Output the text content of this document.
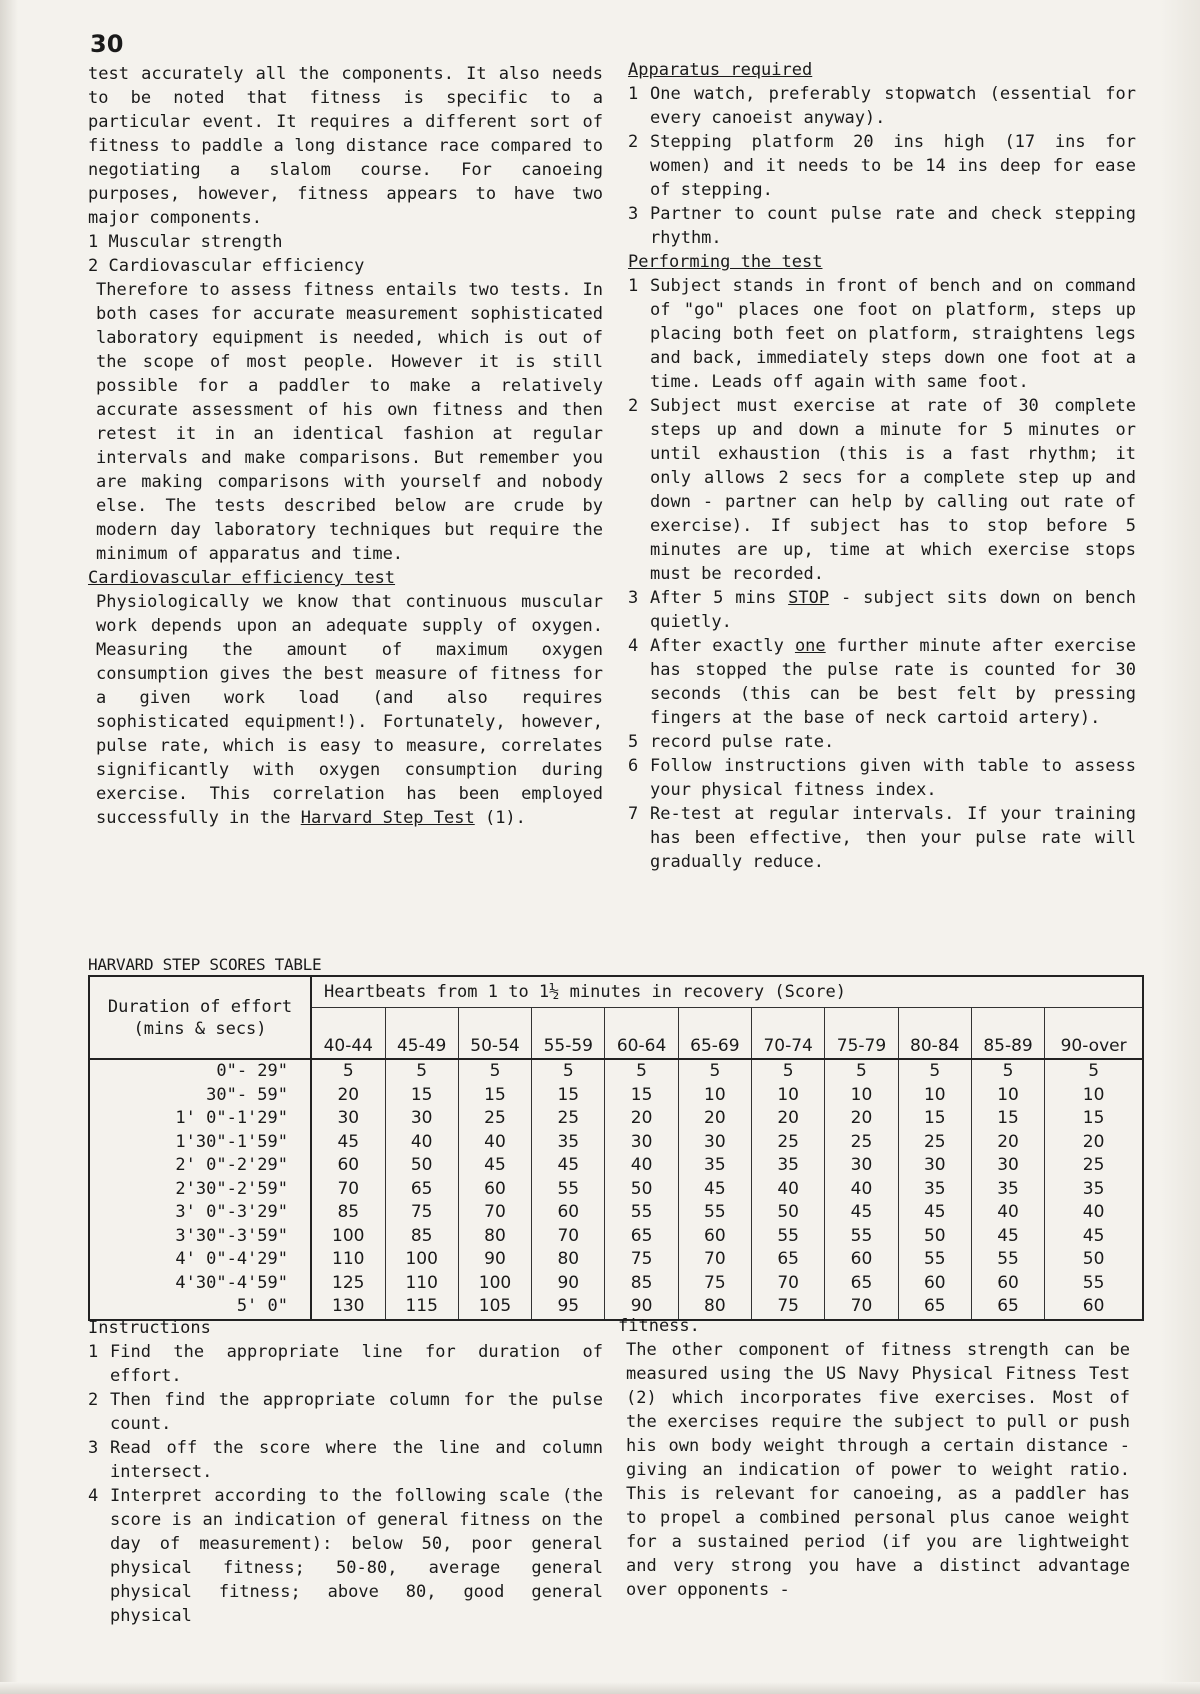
30

test accurately all the components. It also needs to be noted that fitness is specific to a particular event. It requires a different sort of fitness to paddle a long distance race compared to negotiating a slalom course. For canoeing purposes, however, fitness appears to have two major components.

1 Muscular strength

2 Cardiovascular efficiency

Therefore to assess fitness entails two tests. In both cases for accurate measurement sophisticated laboratory equipment is needed, which is out of the scope of most people. However it is still possible for a paddler to make a relatively accurate assessment of his own fitness and then retest it in an identical fashion at regular intervals and make comparisons. But remember you are making comparisons with yourself and nobody else. The tests described below are crude by modern day laboratory techniques but require the minimum of apparatus and time.

Cardiovascular efficiency test

Physiologically we know that continuous muscular work depends upon an adequate supply of oxygen. Measuring the amount of maximum oxygen consumption gives the best measure of fitness for a given work load (and also requires sophisticated equipment!). Fortunately, however, pulse rate, which is easy to measure, correlates significantly with oxygen consumption during exercise. This correlation has been employed successfully in the Harvard Step Test (1).

Apparatus required

1 One watch, preferably stopwatch (essential for every canoeist anyway).
2 Stepping platform 20 ins high (17 ins for women) and it needs to be 14 ins deep for ease of stepping.
3 Partner to count pulse rate and check stepping rhythm.

Performing the test

1 Subject stands in front of bench and on command of "go" places one foot on platform, steps up placing both feet on platform, straightens legs and back, immediately steps down one foot at a time. Leads off again with same foot.
2 Subject must exercise at rate of 30 complete steps up and down a minute for 5 minutes or until exhaustion (this is a fast rhythm; it only allows 2 secs for a complete step up and down - partner can help by calling out rate of exercise). If subject has to stop before 5 minutes are up, time at which exercise stops must be recorded.
3 After 5 mins STOP - subject sits down on bench quietly.
4 After exactly one further minute after exercise has stopped the pulse rate is counted for 30 seconds (this can be best felt by pressing fingers at the base of neck cartoid artery).
5 record pulse rate.
6 Follow instructions given with table to assess your physical fitness index.
7 Re-test at regular intervals. If your training has been effective, then your pulse rate will gradually reduce.
HARVARD STEP SCORES TABLE
Duration of effort (mins & secs)	Heartbeats from 1 to 1½ minutes in recovery (Score)										
	40-44	45-49	50-54	55-59	60-64	65-69	70-74	75-79	80-84	85-89	90-over
0"- 29"	5	5	5	5	5	5	5	5	5	5	5
30"- 59"	20	15	15	15	15	10	10	10	10	10	10
1' 0"-1'29"	30	30	25	25	20	20	20	20	15	15	15
1'30"-1'59"	45	40	40	35	30	30	25	25	25	20	20
2' 0"-2'29"	60	50	45	45	40	35	35	30	30	30	25
2'30"-2'59"	70	65	60	55	50	45	40	40	35	35	35
3' 0"-3'29"	85	75	70	60	55	55	50	45	45	40	40
3'30"-3'59"	100	85	80	70	65	60	55	55	50	45	45
4' 0"-4'29"	110	100	90	80	75	70	65	60	55	55	50
4'30"-4'59"	125	110	100	90	85	75	70	65	60	60	55
5' 0"	130	115	105	95	90	80	75	70	65	65	60

Instructions

1 Find the appropriate line for duration of effort.
2 Then find the appropriate column for the pulse count.
3 Read off the score where the line and column intersect.
4 Interpret according to the following scale (the score is an indication of general fitness on the day of measurement): below 50, poor general physical fitness; 50-80, average general physical fitness; above 80, good general physical

fitness.

The other component of fitness strength can be measured using the US Navy Physical Fitness Test (2) which incorporates five exercises. Most of the exercises require the subject to pull or push his own body weight through a certain distance - giving an indication of power to weight ratio. This is relevant for canoeing, as a paddler has to propel a combined personal plus canoe weight for a sustained period (if you are lightweight and very strong you have a distinct advantage over opponents -
